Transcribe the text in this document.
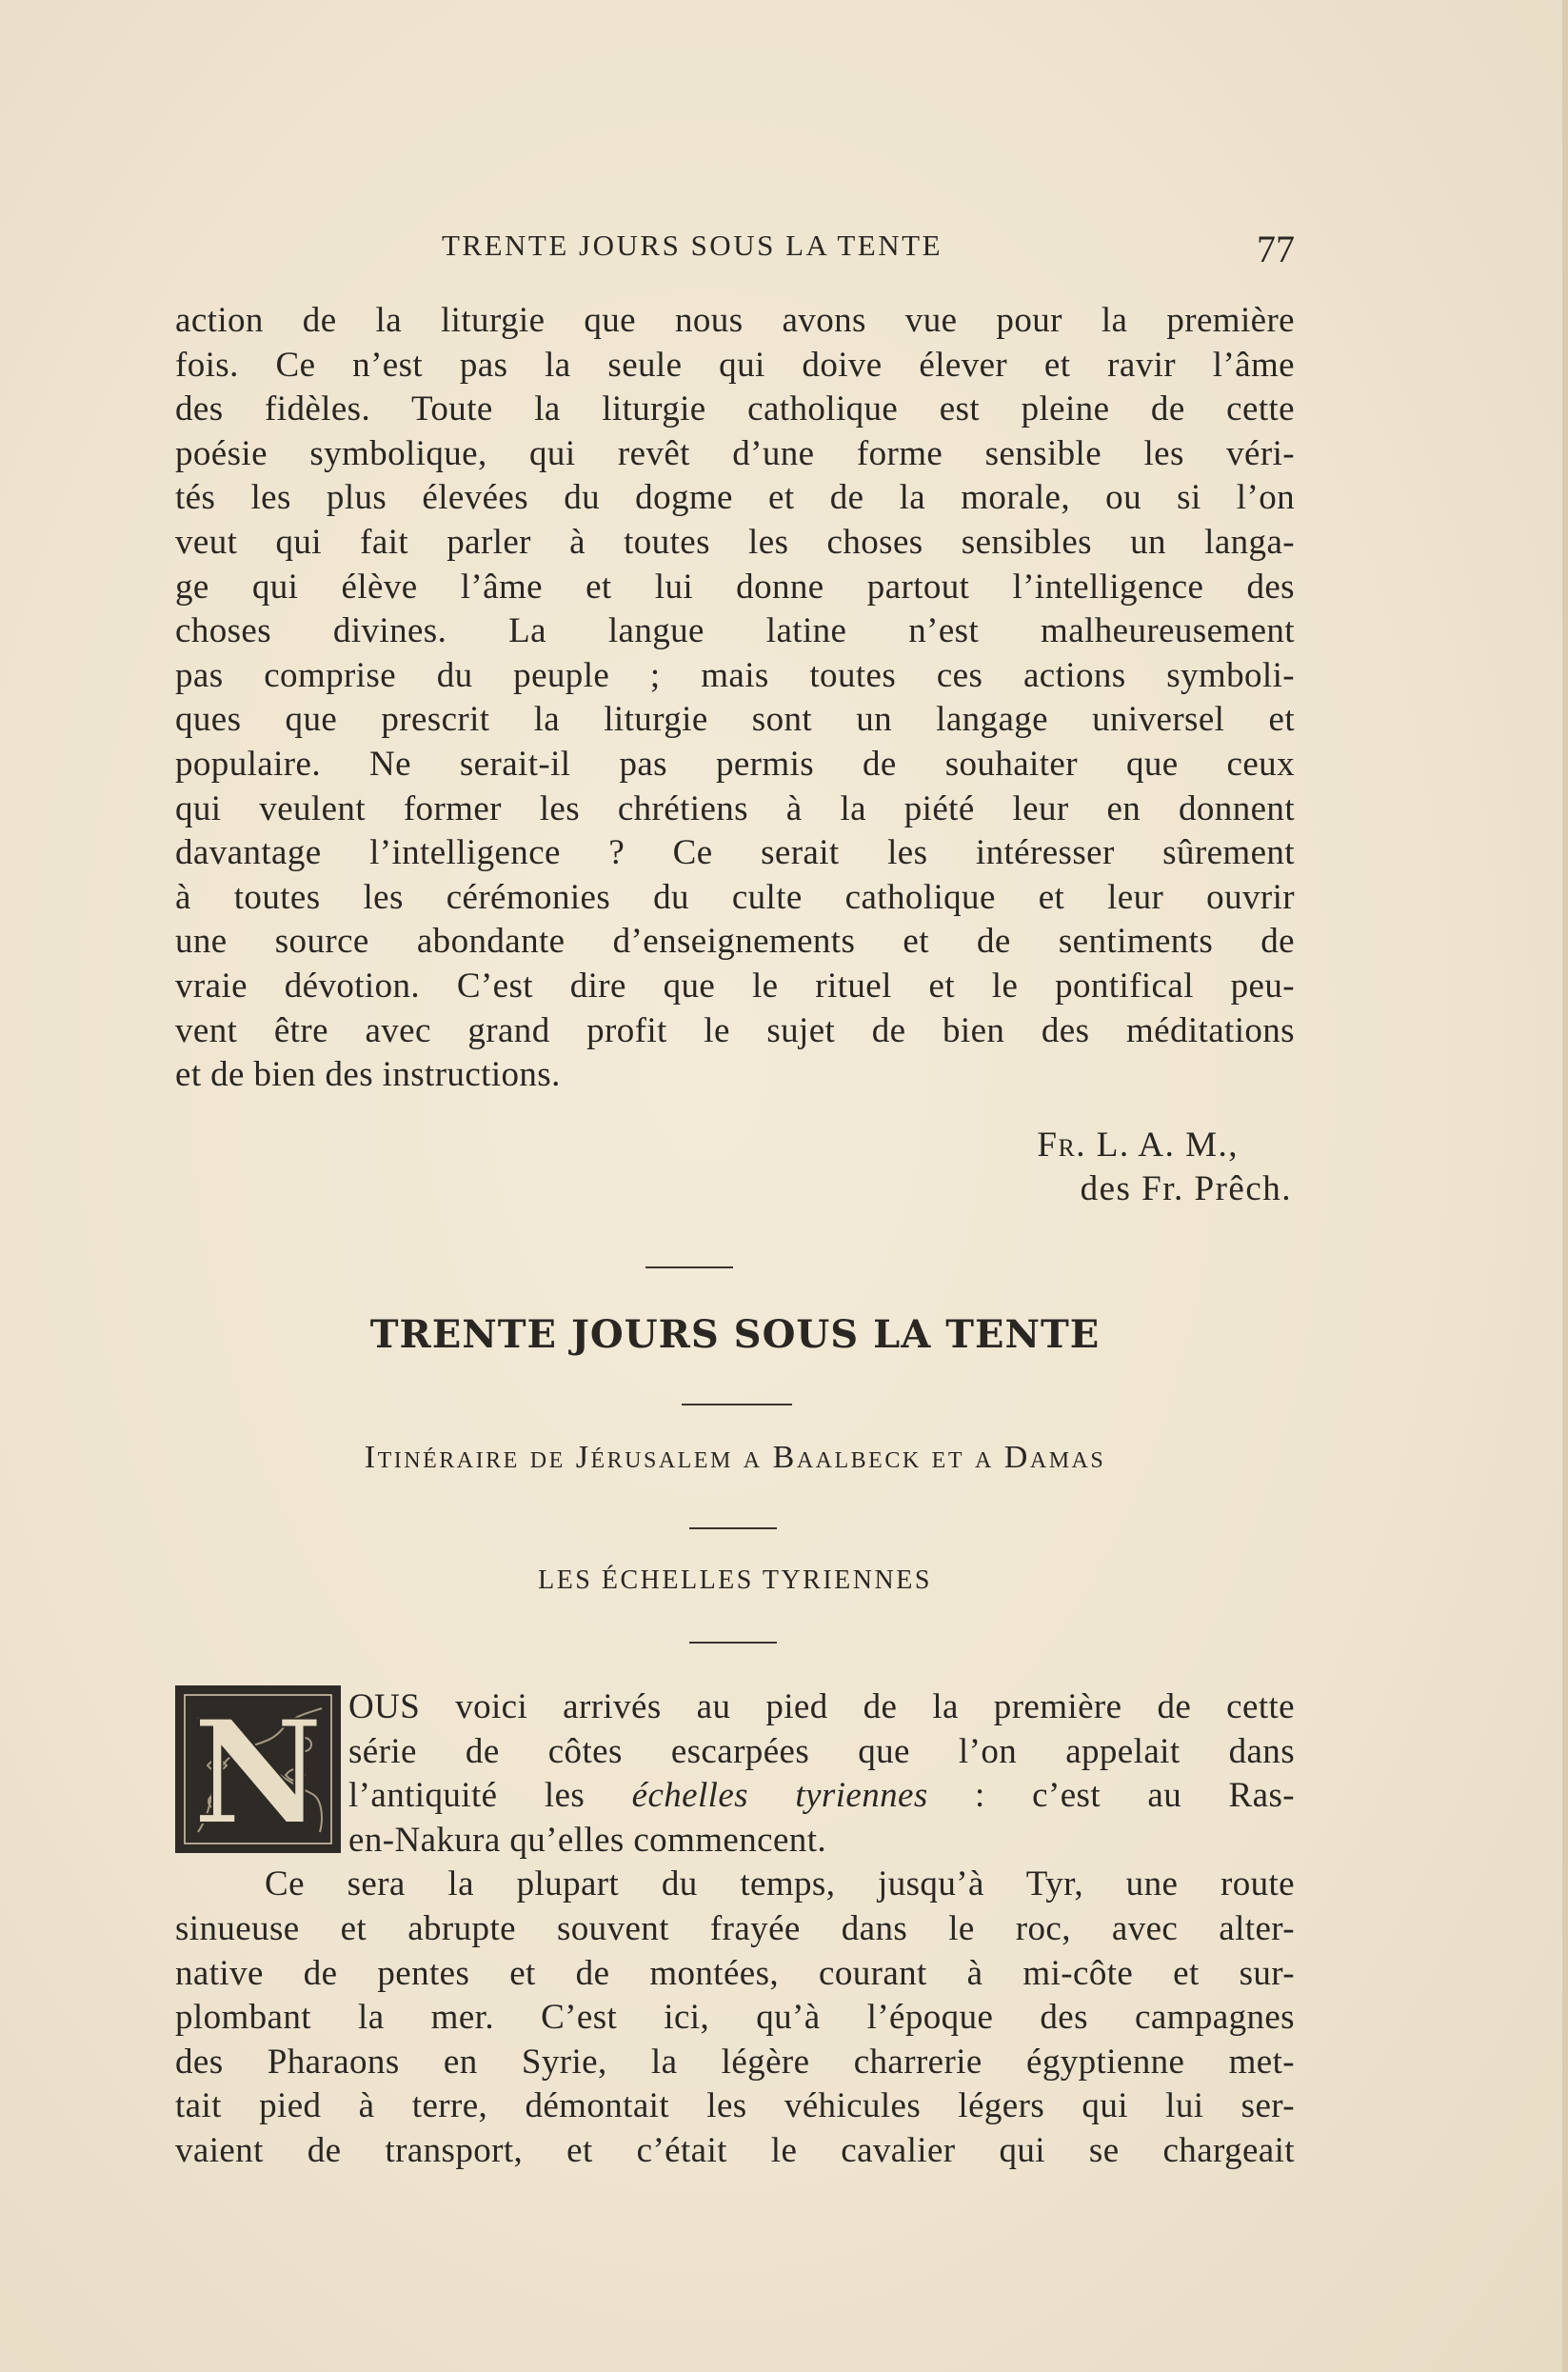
TRENTE JOURS SOUS LA TENTE	77
action de la liturgie que nous avons vue pour la première
fois. Ce n’est pas la seule qui doive élever et ravir l’âme
des fidèles. Toute la liturgie catholique est pleine de cette
poésie symbolique, qui revêt d’une forme sensible les véri-
tés les plus élevées du dogme et de la morale, ou si l’on
veut qui fait parler à toutes les choses sensibles un langa-
ge qui élève l’âme et lui donne partout l’intelligence des
choses divines. La langue latine n’est malheureusement
pas comprise du peuple ; mais toutes ces actions symboli-
ques que prescrit la liturgie sont un langage universel et
populaire. Ne serait-il pas permis de souhaiter que ceux
qui veulent former les chrétiens à la piété leur en donnent
davantage l’intelligence ? Ce serait les intéresser sûrement
à toutes les cérémonies du culte catholique et leur ouvrir
une source abondante d’enseignements et de sentiments de
vraie dévotion. C’est dire que le rituel et le pontifical peu-
vent être avec grand profit le sujet de bien des méditations
et de bien des instructions.
Fr. L. A. M.,
des Fr. Prêch.
TRENTE JOURS SOUS LA TENTE
Itinéraire de Jérusalem a Baalbeck et a Damas
LES ÉCHELLES TYRIENNES
N OUS voici arrivés au pied de la première de cette
série de côtes escarpées que l’on appelait dans
l’antiquité les échelles tyriennes : c’est au Ras-
en-Nakura qu’elles commencent.
Ce sera la plupart du temps, jusqu’à Tyr, une route
sinueuse et abrupte souvent frayée dans le roc, avec alter-
native de pentes et de montées, courant à mi-côte et sur-
plombant la mer. C’est ici, qu’à l’époque des campagnes
des Pharaons en Syrie, la légère charrerie égyptienne met-
tait pied à terre, démontait les véhicules légers qui lui ser-
vaient de transport, et c’était le cavalier qui se chargeait
